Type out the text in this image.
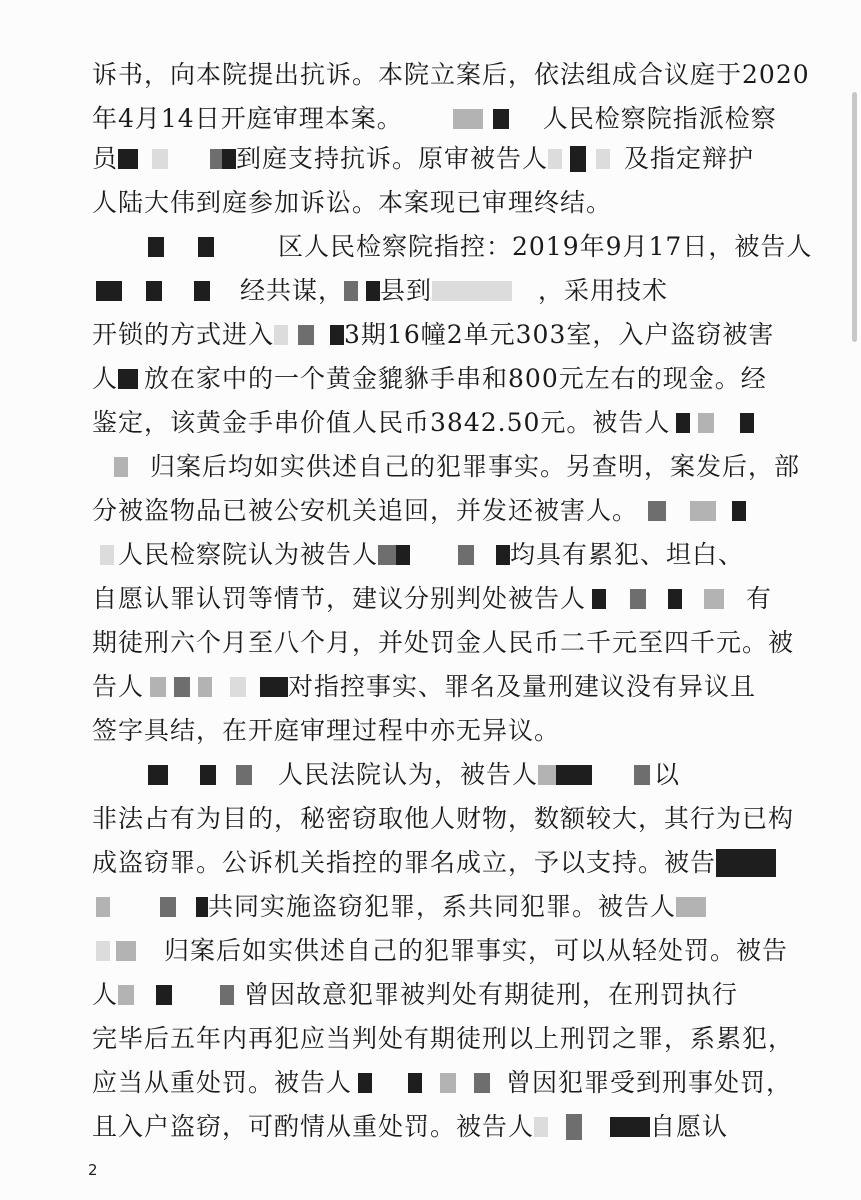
诉书，向本院提出抗诉。本院立案后，依法组成合议庭于2020
年4月14日开庭审理本案。	人民检察院指派检察
员	到庭支持抗诉。原审被告人	及指定辩护
人陆大伟到庭参加诉讼。本案现已审理终结。
区人民检察院指控：2019年9月17日，被告人
经共谋， 县到	，采用技术
开锁的方式进入	3期16幢2单元303室，入户盗窃被害
人 放在家中的一个黄金貔貅手串和800元左右的现金。经
鉴定，该黄金手串价值人民币3842.50元。被告人
归案后均如实供述自己的犯罪事实。另查明，案发后，部
分被盗物品已被公安机关追回，并发还被害人。
人民检察院认为被告人	均具有累犯、坦白、
自愿认罪认罚等情节，建议分别判处被告人	有
期徒刑六个月至八个月，并处罚金人民币二千元至四千元。被
告人	对指控事实、罪名及量刑建议没有异议且
签字具结，在开庭审理过程中亦无异议。
人民法院认为，被告人	以
非法占有为目的，秘密窃取他人财物，数额较大，其行为已构
成盗窃罪。公诉机关指控的罪名成立，予以支持。被告
共同实施盗窃犯罪，系共同犯罪。被告人
归案后如实供述自己的犯罪事实，可以从轻处罚。被告
人	曾因故意犯罪被判处有期徒刑，在刑罚执行
完毕后五年内再犯应当判处有期徒刑以上刑罚之罪，系累犯，
应当从重处罚。被告人	曾因犯罪受到刑事处罚，
且入户盗窃，可酌情从重处罚。被告人	自愿认
2
